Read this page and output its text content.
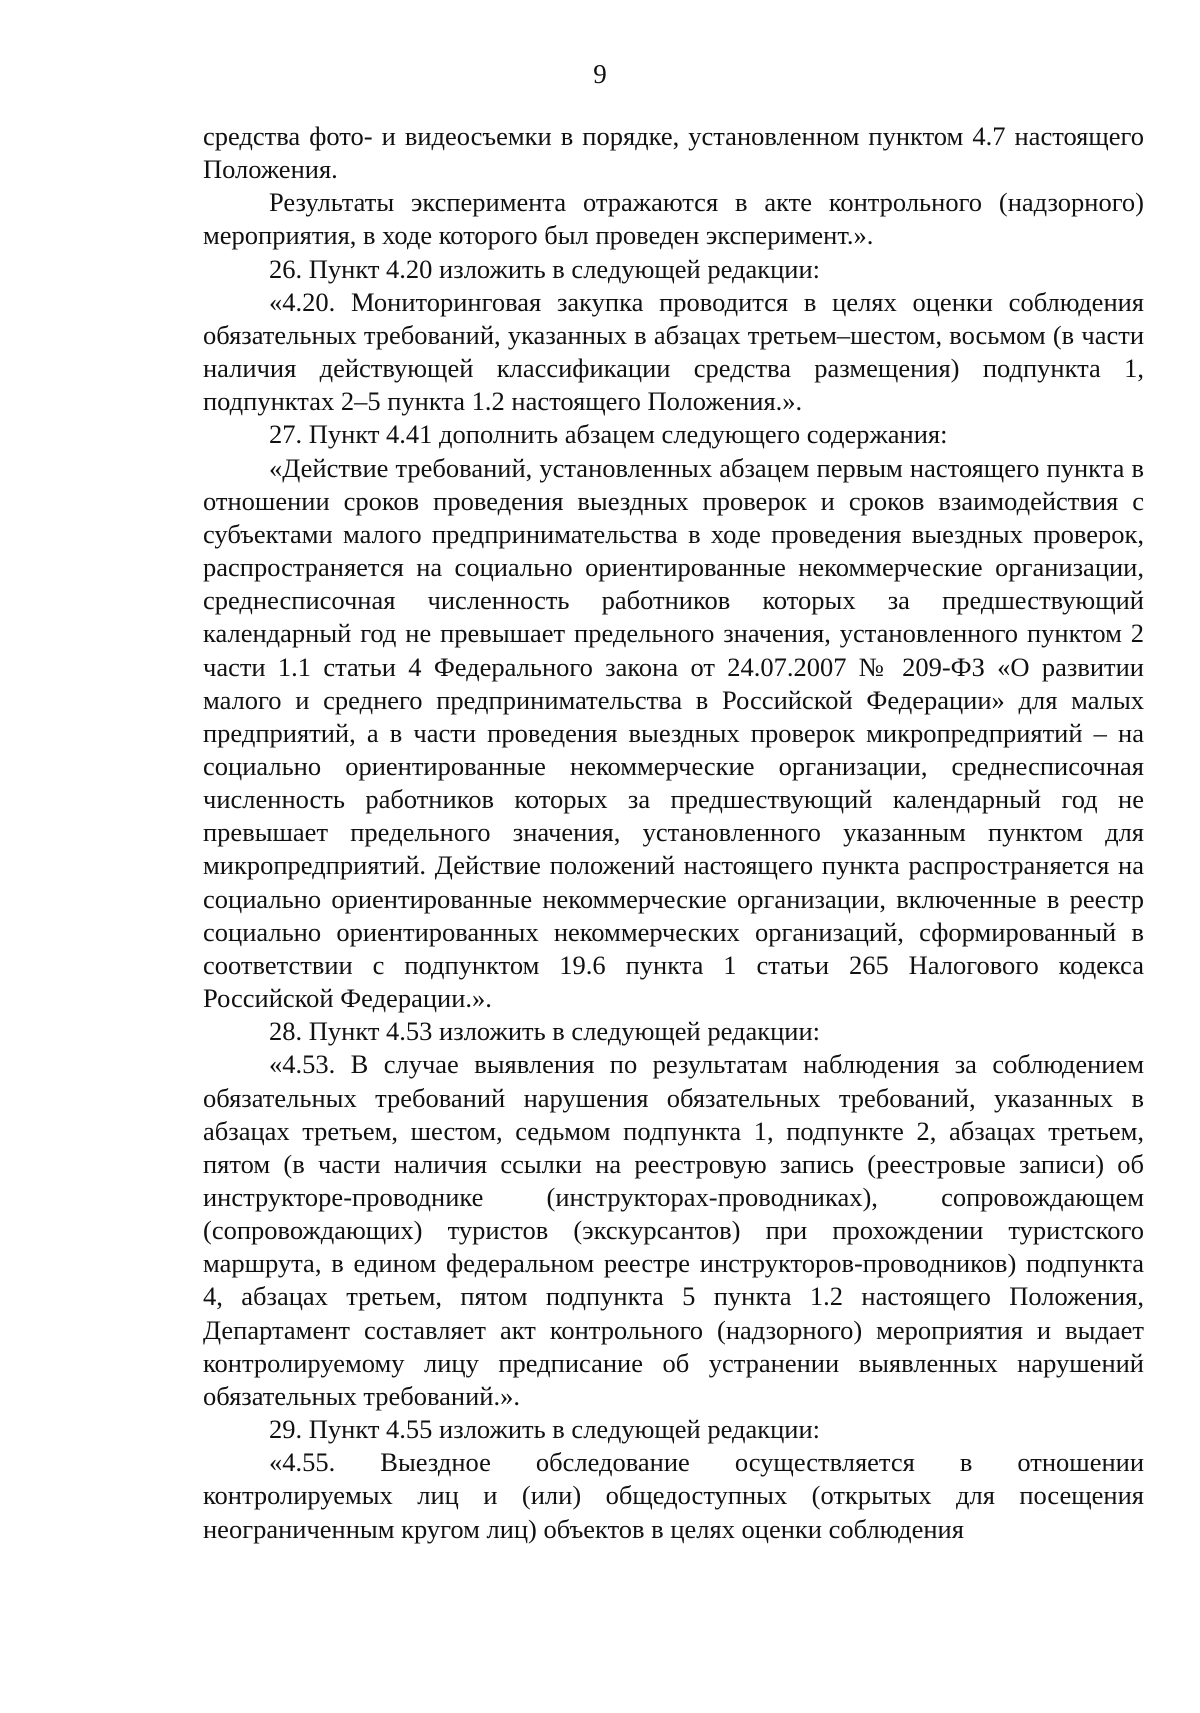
9

средства фото- и видеосъемки в порядке, установленном пунктом 4.7 настоящего Положения.

Результаты эксперимента отражаются в акте контрольного (надзорного) мероприятия, в ходе которого был проведен эксперимент.».

26. Пункт 4.20 изложить в следующей редакции:

«4.20. Мониторинговая закупка проводится в целях оценки соблюдения обязательных требований, указанных в абзацах третьем–шестом, восьмом (в части наличия действующей классификации средства размещения) подпункта 1, подпунктах 2–5 пункта 1.2 настоящего Положения.».

27. Пункт 4.41 дополнить абзацем следующего содержания:

«Действие требований, установленных абзацем первым настоящего пункта в отношении сроков проведения выездных проверок и сроков взаимодействия с субъектами малого предпринимательства в ходе проведения выездных проверок, распространяется на социально ориентированные некоммерческие организации, среднесписочная численность работников которых за предшествующий календарный год не превышает предельного значения, установленного пунктом 2 части 1.1 статьи 4 Федерального закона от 24.07.2007 № 209-ФЗ «О развитии малого и среднего предпринимательства в Российской Федерации» для малых предприятий, а в части проведения выездных проверок микропредприятий – на социально ориентированные некоммерческие организации, среднесписочная численность работников которых за предшествующий календарный год не превышает предельного значения, установленного указанным пунктом для микропредприятий. Действие положений настоящего пункта распространяется на социально ориентированные некоммерческие организации, включенные в реестр социально ориентированных некоммерческих организаций, сформированный в соответствии с подпунктом 19.6 пункта 1 статьи 265 Налогового кодекса Российской Федерации.».

28. Пункт 4.53 изложить в следующей редакции:

«4.53. В случае выявления по результатам наблюдения за соблюдением обязательных требований нарушения обязательных требований, указанных в абзацах третьем, шестом, седьмом подпункта 1, подпункте 2, абзацах третьем, пятом (в части наличия ссылки на реестровую запись (реестровые записи) об инструкторе-проводнике (инструкторах-проводниках), сопровождающем (сопровождающих) туристов (экскурсантов) при прохождении туристского маршрута, в едином федеральном реестре инструкторов-проводников) подпункта 4, абзацах третьем, пятом подпункта 5 пункта 1.2 настоящего Положения, Департамент составляет акт контрольного (надзорного) мероприятия и выдает контролируемому лицу предписание об устранении выявленных нарушений обязательных требований.».

29. Пункт 4.55 изложить в следующей редакции:

«4.55. Выездное обследование осуществляется в отношении контролируемых лиц и (или) общедоступных (открытых для посещения неограниченным кругом лиц) объектов в целях оценки соблюдения
